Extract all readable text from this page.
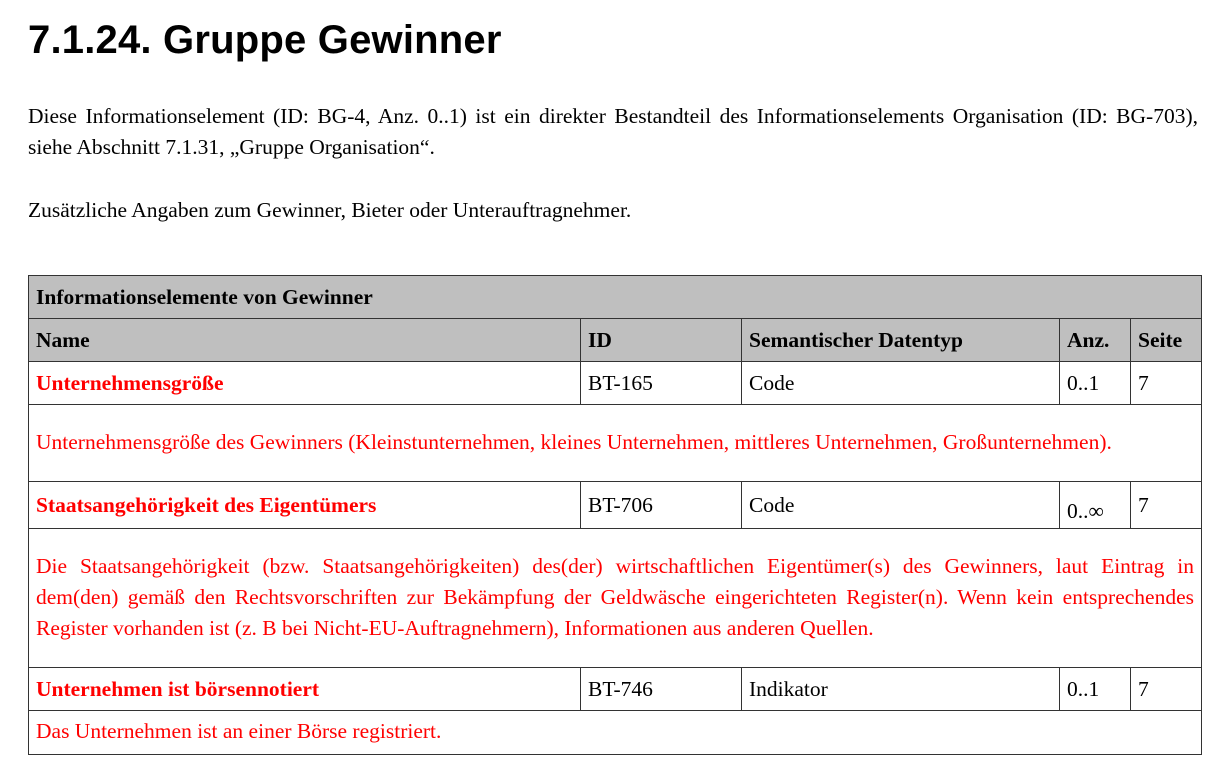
7.1.24. Gruppe Gewinner
Diese Informationselement (ID: BG-4, Anz. 0..1) ist ein direkter Bestandteil des Informationselements Organisation (ID: BG-703), siehe Abschnitt 7.1.31, „Gruppe Organisation“.
Zusätzliche Angaben zum Gewinner, Bieter oder Unterauftragnehmer.
Informationselemente von Gewinner				
Name	ID	Semantischer Datentyp	Anz.	Seite
Unternehmensgröße	BT-165	Code	0..1	7
Unternehmensgröße des Gewinners (Kleinstunternehmen, kleines Unternehmen, mittleres Unternehmen, Großunternehmen).				
Staatsangehörigkeit des Eigentümers	BT-706	Code	0..∞	7
Die Staatsangehörigkeit (bzw. Staatsangehörigkeiten) des(der) wirtschaftlichen Eigentümer(s) des Gewinners, laut Eintrag in dem(den) gemäß den Rechtsvorschriften zur Bekämpfung der Geldwäsche eingerichteten Register(n). Wenn kein entsprechendes Register vorhanden ist (z. B bei Nicht-EU-Auftragnehmern), Informationen aus anderen Quellen.				
Unternehmen ist börsennotiert	BT-746	Indikator	0..1	7
Das Unternehmen ist an einer Börse registriert.				
